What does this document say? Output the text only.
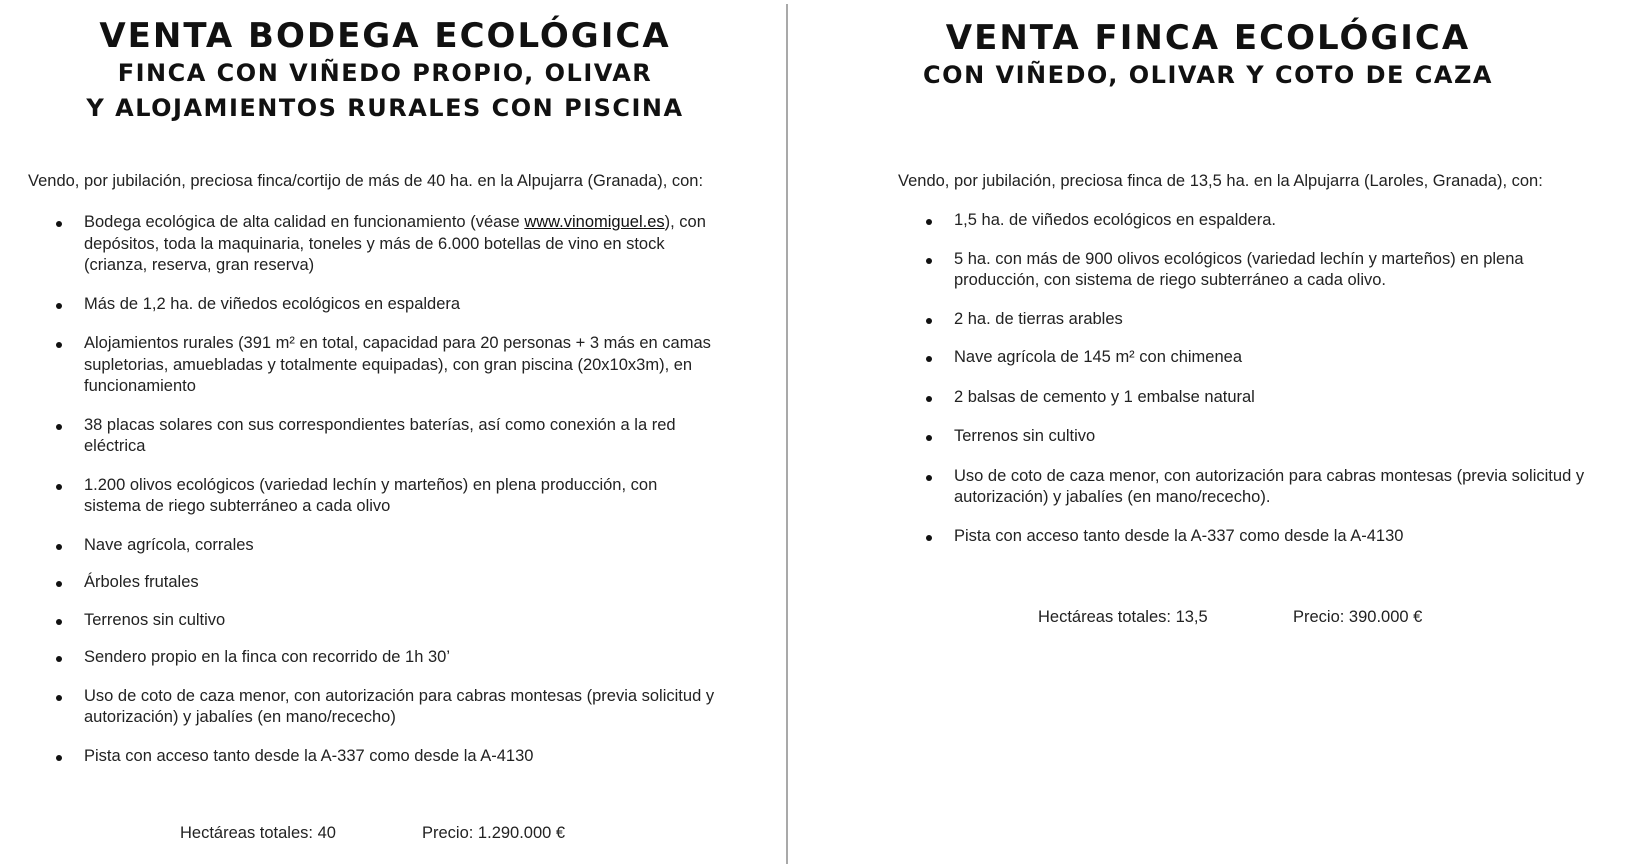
VENTA BODEGA ECOLÓGICA
FINCA CON VIÑEDO PROPIO, OLIVAR
Y ALOJAMIENTOS RURALES CON PISCINA
Vendo, por jubilación, preciosa finca/cortijo de más de 40 ha. en la Alpujarra (Granada), con:
Bodega ecológica de alta calidad en funcionamiento (véase www.vinomiguel.es), con depósitos, toda la maquinaria, toneles y más de 6.000 botellas de vino en stock (crianza, reserva, gran reserva)
Más de 1,2 ha. de viñedos ecológicos en espaldera
Alojamientos rurales (391 m² en total, capacidad para 20 personas + 3 más en camas supletorias, amuebladas y totalmente equipadas), con gran piscina (20x10x3m), en funcionamiento
38 placas solares con sus correspondientes baterías, así como conexión a la red eléctrica
1.200 olivos ecológicos (variedad lechín y marteños) en plena producción, con sistema de riego subterráneo a cada olivo
Nave agrícola, corrales
Árboles frutales
Terrenos sin cultivo
Sendero propio en la finca con recorrido de 1h 30’
Uso de coto de caza menor, con autorización para cabras montesas (previa solicitud y autorización) y jabalíes (en mano/rececho)
Pista con acceso tanto desde la A-337 como desde la A-4130
Hectáreas totales: 40	Precio: 1.290.000 €
VENTA FINCA ECOLÓGICA
CON VIÑEDO, OLIVAR Y COTO DE CAZA
Vendo, por jubilación, preciosa finca de 13,5 ha. en la Alpujarra (Laroles, Granada), con:
1,5 ha. de viñedos ecológicos en espaldera.
5 ha. con más de 900 olivos ecológicos (variedad lechín y marteños) en plena producción, con sistema de riego subterráneo a cada olivo.
2 ha. de tierras arables
Nave agrícola de 145 m² con chimenea
2 balsas de cemento y 1 embalse natural
Terrenos sin cultivo
Uso de coto de caza menor, con autorización para cabras montesas (previa solicitud y autorización) y jabalíes (en mano/rececho).
Pista con acceso tanto desde la A-337 como desde la A-4130
Hectáreas totales: 13,5	Precio: 390.000 €
